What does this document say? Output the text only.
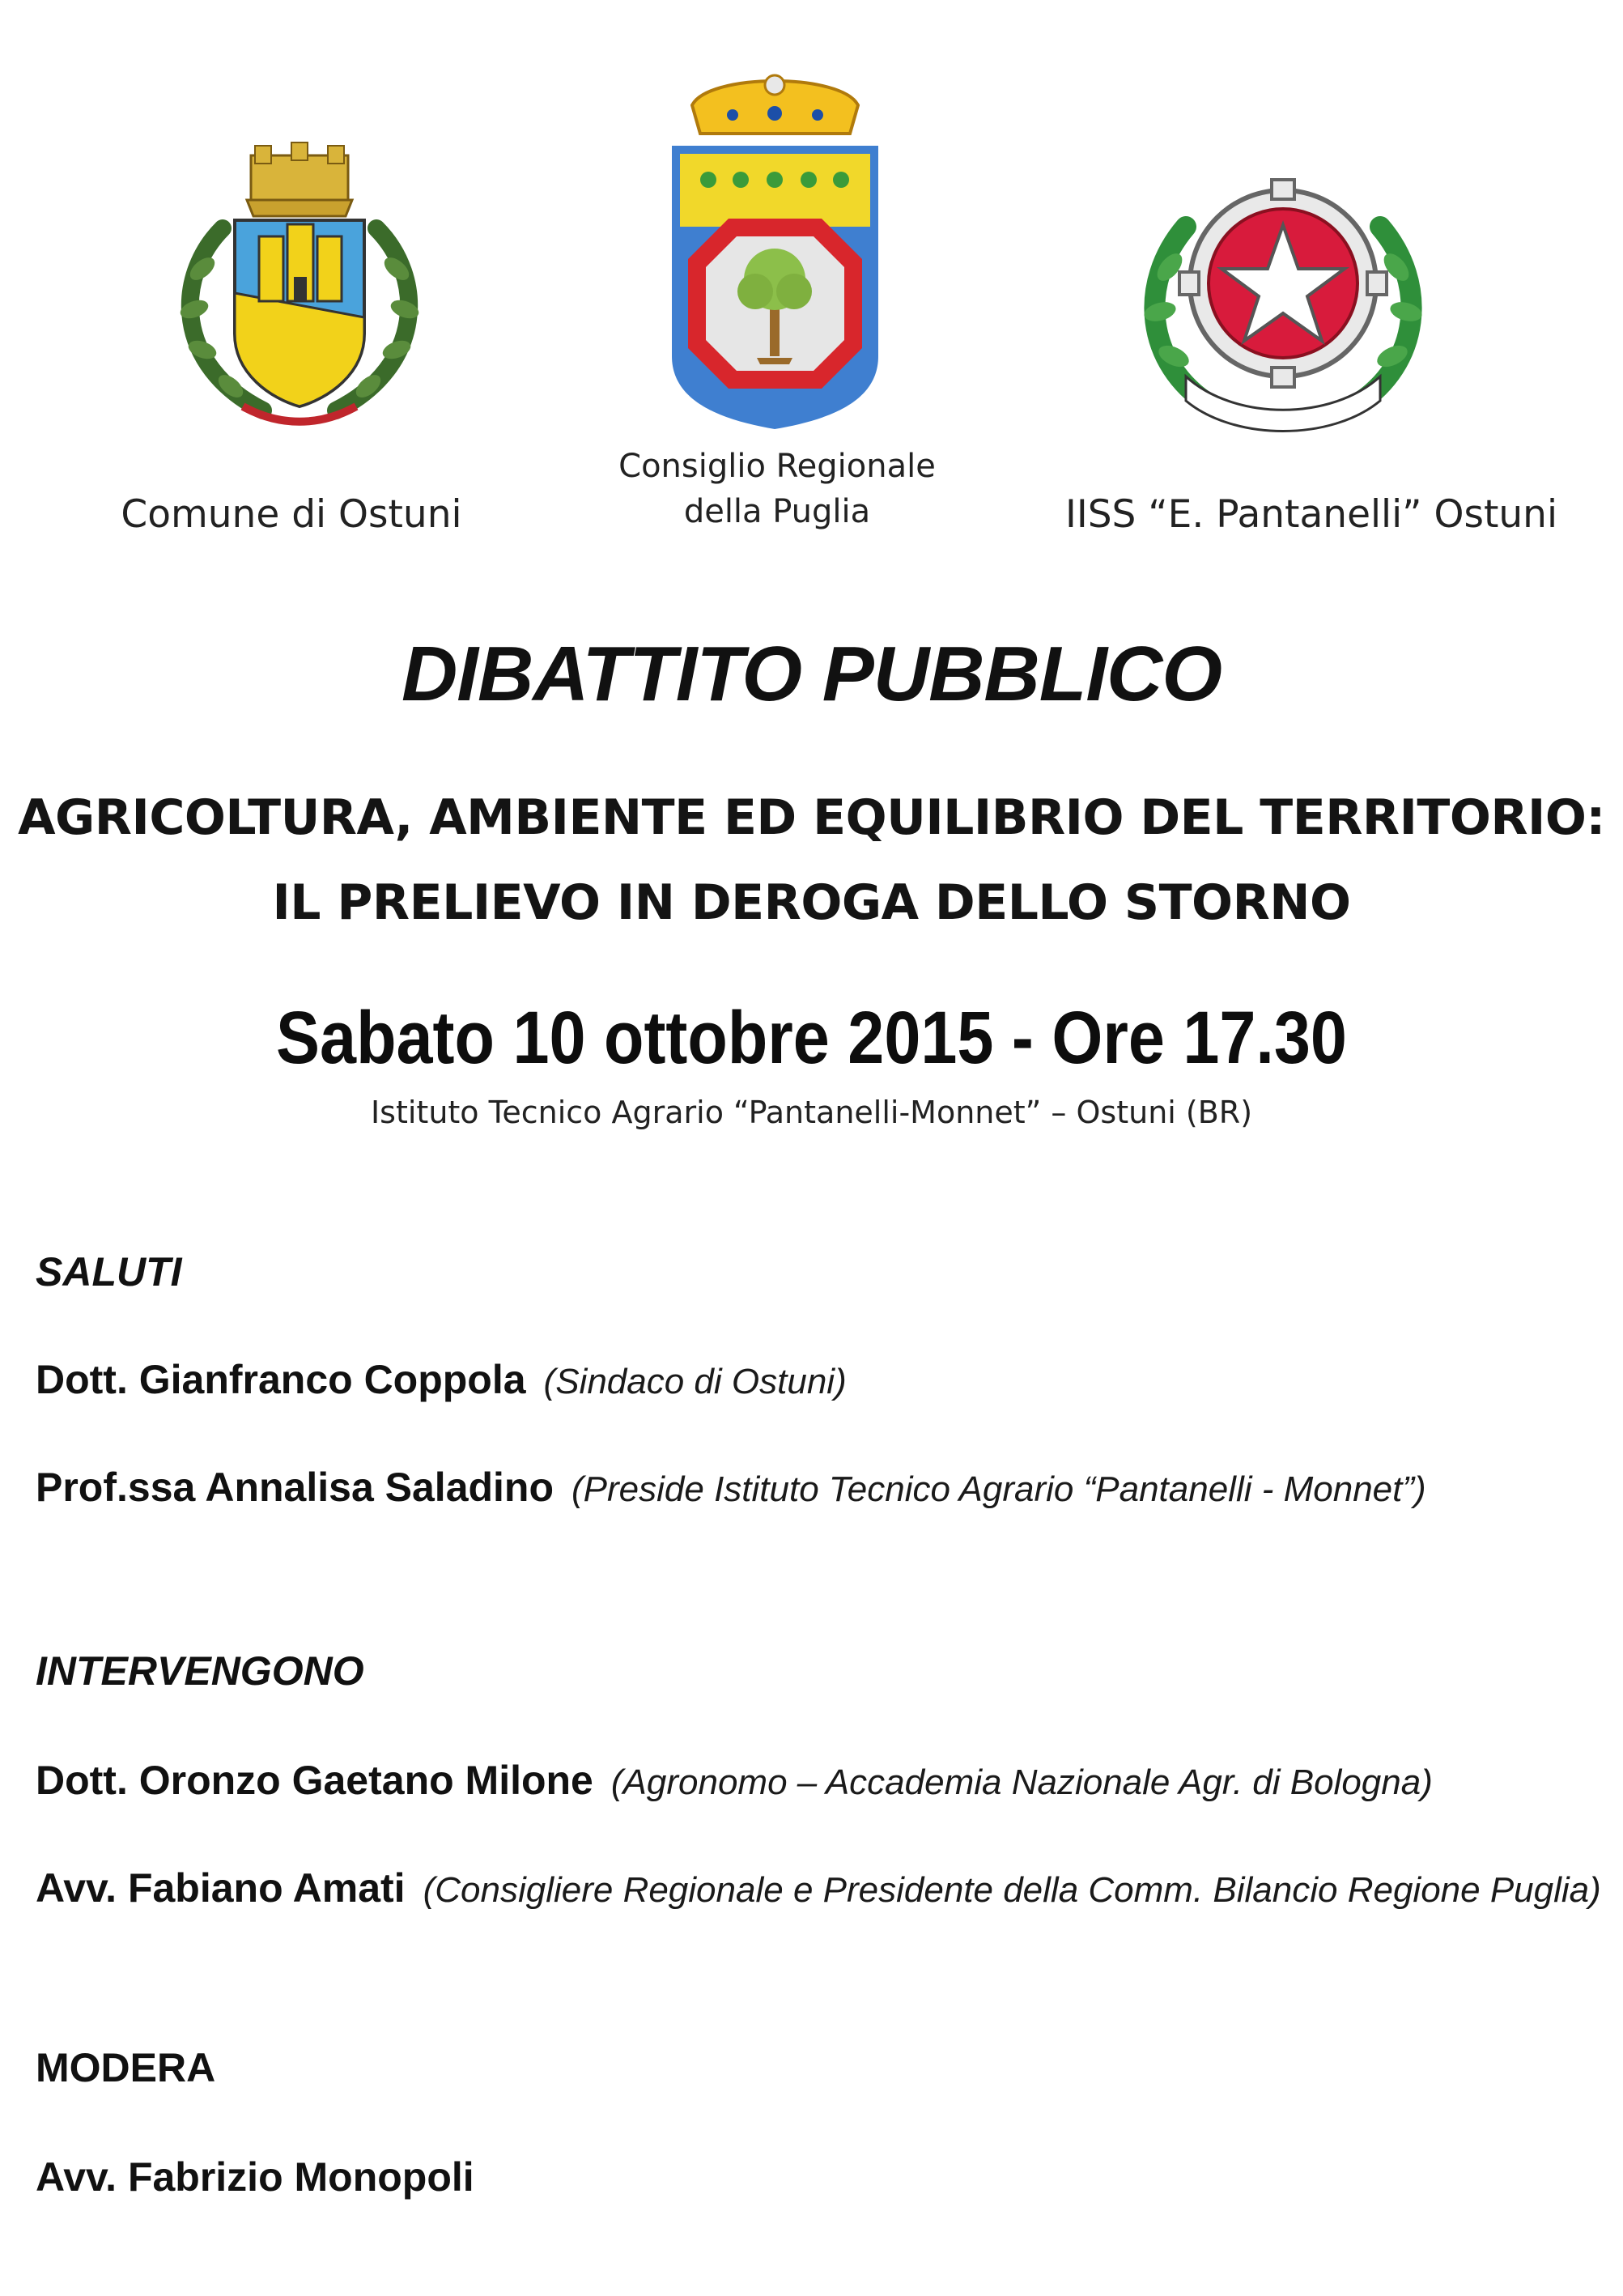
Comune di Ostuni
Consiglio Regionale
della Puglia	IISS “E. Pantanelli” Ostuni
DIBATTITO PUBBLICO
AGRICOLTURA, AMBIENTE ED EQUILIBRIO DEL TERRITORIO:
IL PRELIEVO IN DEROGA DELLO STORNO
Sabato 10 ottobre 2015 - Ore 17.30
Istituto Tecnico Agrario “Pantanelli-Monnet” – Ostuni (BR)
SALUTI
Dott. Gianfranco Coppola (Sindaco di Ostuni)
Prof.ssa Annalisa Saladino (Preside Istituto Tecnico Agrario “Pantanelli - Monnet”)
INTERVENGONO
Dott. Oronzo Gaetano Milone (Agronomo – Accademia Nazionale Agr. di Bologna)
Avv. Fabiano Amati (Consigliere Regionale e Presidente della Comm. Bilancio Regione Puglia)
MODERA
Avv. Fabrizio Monopoli
